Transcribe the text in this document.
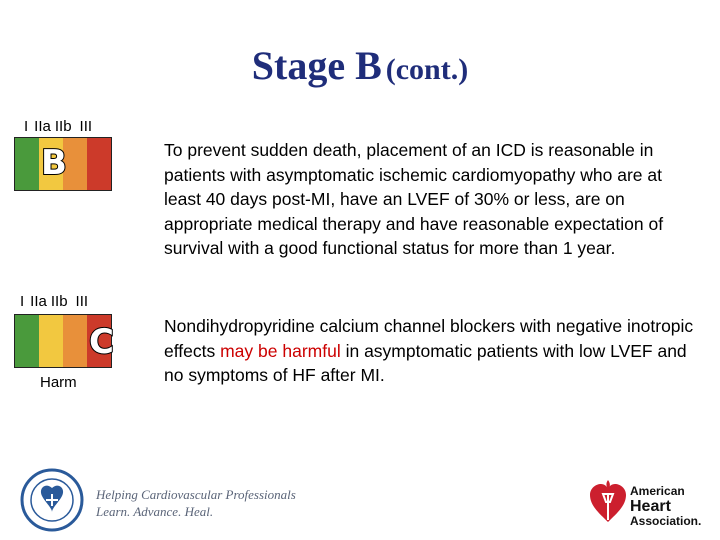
Stage B (cont.)
I IIa IIb III
B	To prevent sudden death, placement of an ICD is reasonable in patients with asymptomatic ischemic cardiomyopathy who are at least 40 days post-MI, have an LVEF of 30% or less, are on appropriate medical therapy and have reasonable expectation of survival with a good functional status for more than 1 year.
I IIa IIb III
C
Harm
Nondihydropyridine calcium channel blockers with negative inotropic effects may be harmful in asymptomatic patients with low LVEF and no symptoms of HF after MI.
Helping Cardiovascular Professionals
Learn. Advance. Heal.
American
Heart
Association.
